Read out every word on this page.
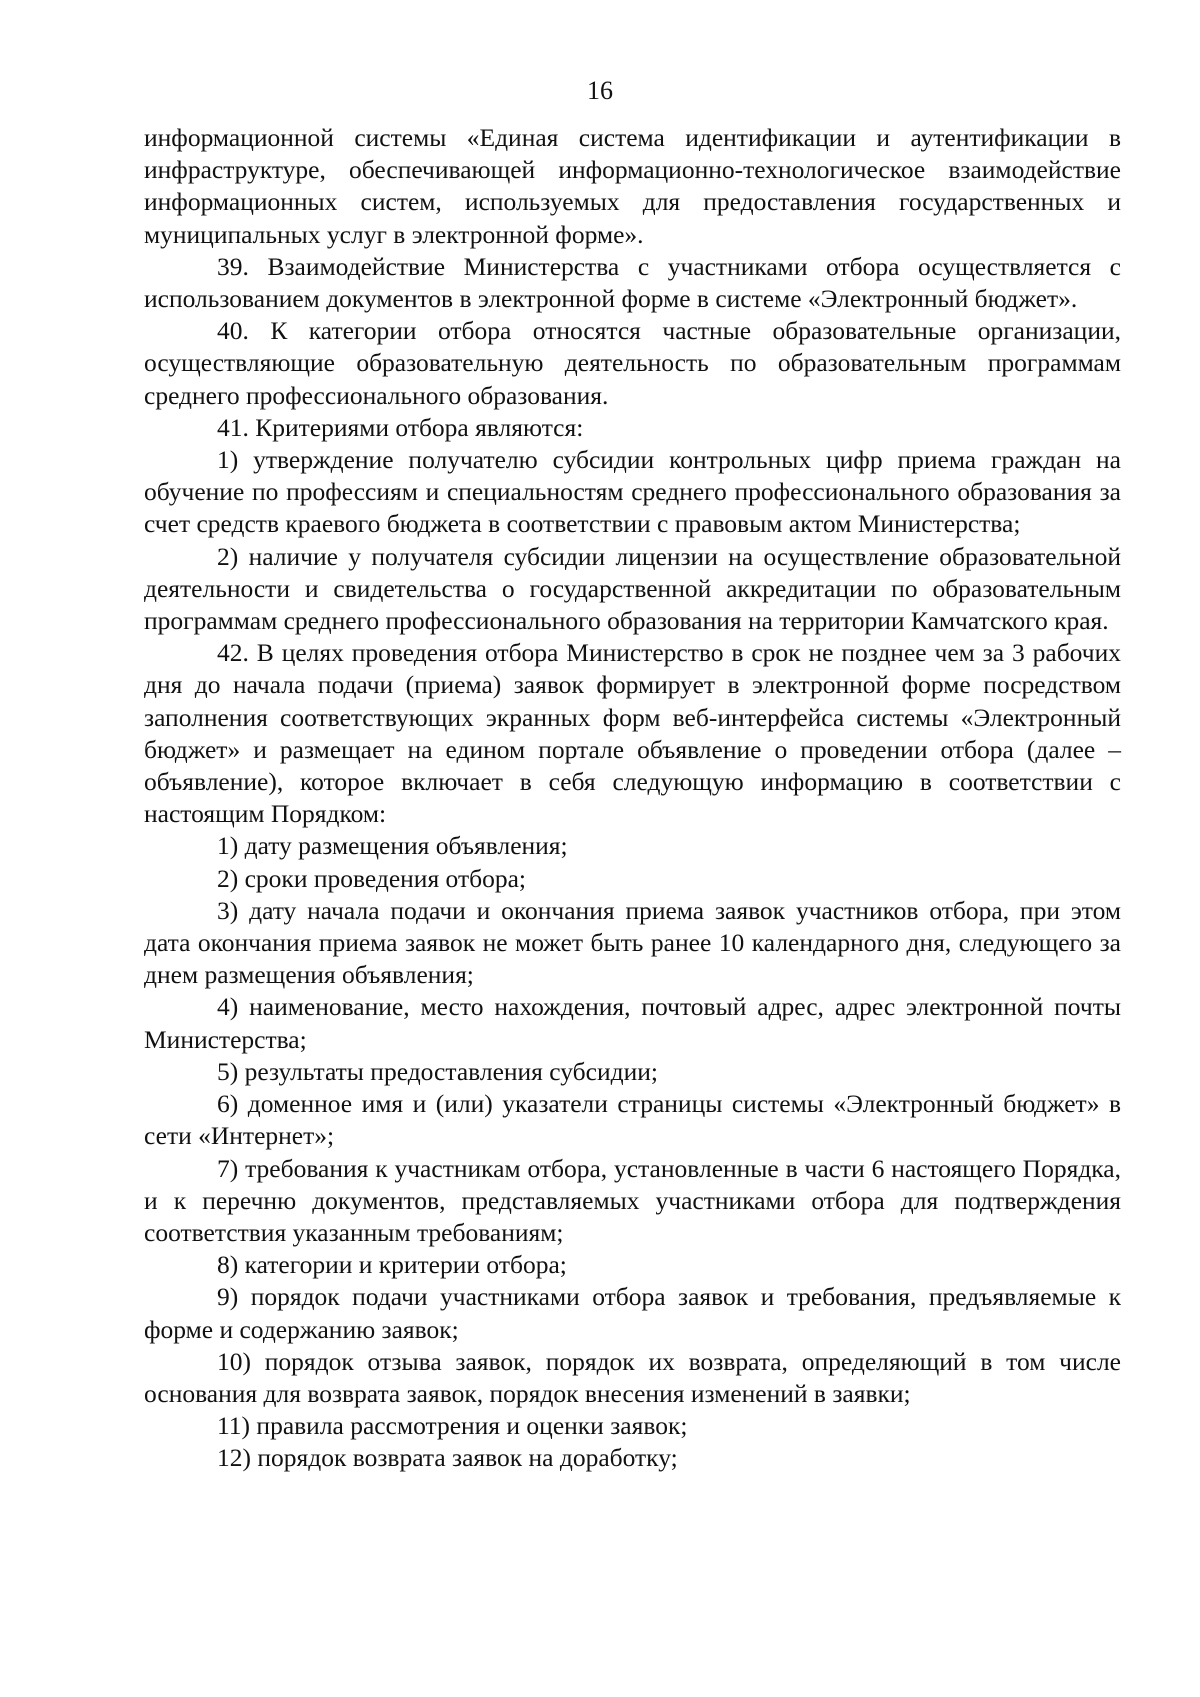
16

информационной системы «Единая система идентификации и аутентификации в инфраструктуре, обеспечивающей информационно-технологическое взаимодействие информационных систем, используемых для предоставления государственных и муниципальных услуг в электронной форме».

39. Взаимодействие Министерства с участниками отбора осуществляется с использованием документов в электронной форме в системе «Электронный бюджет».

40. К категории отбора относятся частные образовательные организации, осуществляющие образовательную деятельность по образовательным программам среднего профессионального образования.

41. Критериями отбора являются:

1) утверждение получателю субсидии контрольных цифр приема граждан на обучение по профессиям и специальностям среднего профессионального образования за счет средств краевого бюджета в соответствии с правовым актом Министерства;

2) наличие у получателя субсидии лицензии на осуществление образовательной деятельности и свидетельства о государственной аккредитации по образовательным программам среднего профессионального образования на территории Камчатского края.

42. В целях проведения отбора Министерство в срок не позднее чем за 3 рабочих дня до начала подачи (приема) заявок формирует в электронной форме посредством заполнения соответствующих экранных форм веб-интерфейса системы «Электронный бюджет» и размещает на едином портале объявление о проведении отбора (далее – объявление), которое включает в себя следующую информацию в соответствии с настоящим Порядком:

1) дату размещения объявления;

2) сроки проведения отбора;

3) дату начала подачи и окончания приема заявок участников отбора, при этом дата окончания приема заявок не может быть ранее 10 календарного дня, следующего за днем размещения объявления;

4) наименование, место нахождения, почтовый адрес, адрес электронной почты Министерства;

5) результаты предоставления субсидии;

6) доменное имя и (или) указатели страницы системы «Электронный бюджет» в сети «Интернет»;

7) требования к участникам отбора, установленные в части 6 настоящего Порядка, и к перечню документов, представляемых участниками отбора для подтверждения соответствия указанным требованиям;

8) категории и критерии отбора;

9) порядок подачи участниками отбора заявок и требования, предъявляемые к форме и содержанию заявок;

10) порядок отзыва заявок, порядок их возврата, определяющий в том числе основания для возврата заявок, порядок внесения изменений в заявки;

11) правила рассмотрения и оценки заявок;

12) порядок возврата заявок на доработку;
